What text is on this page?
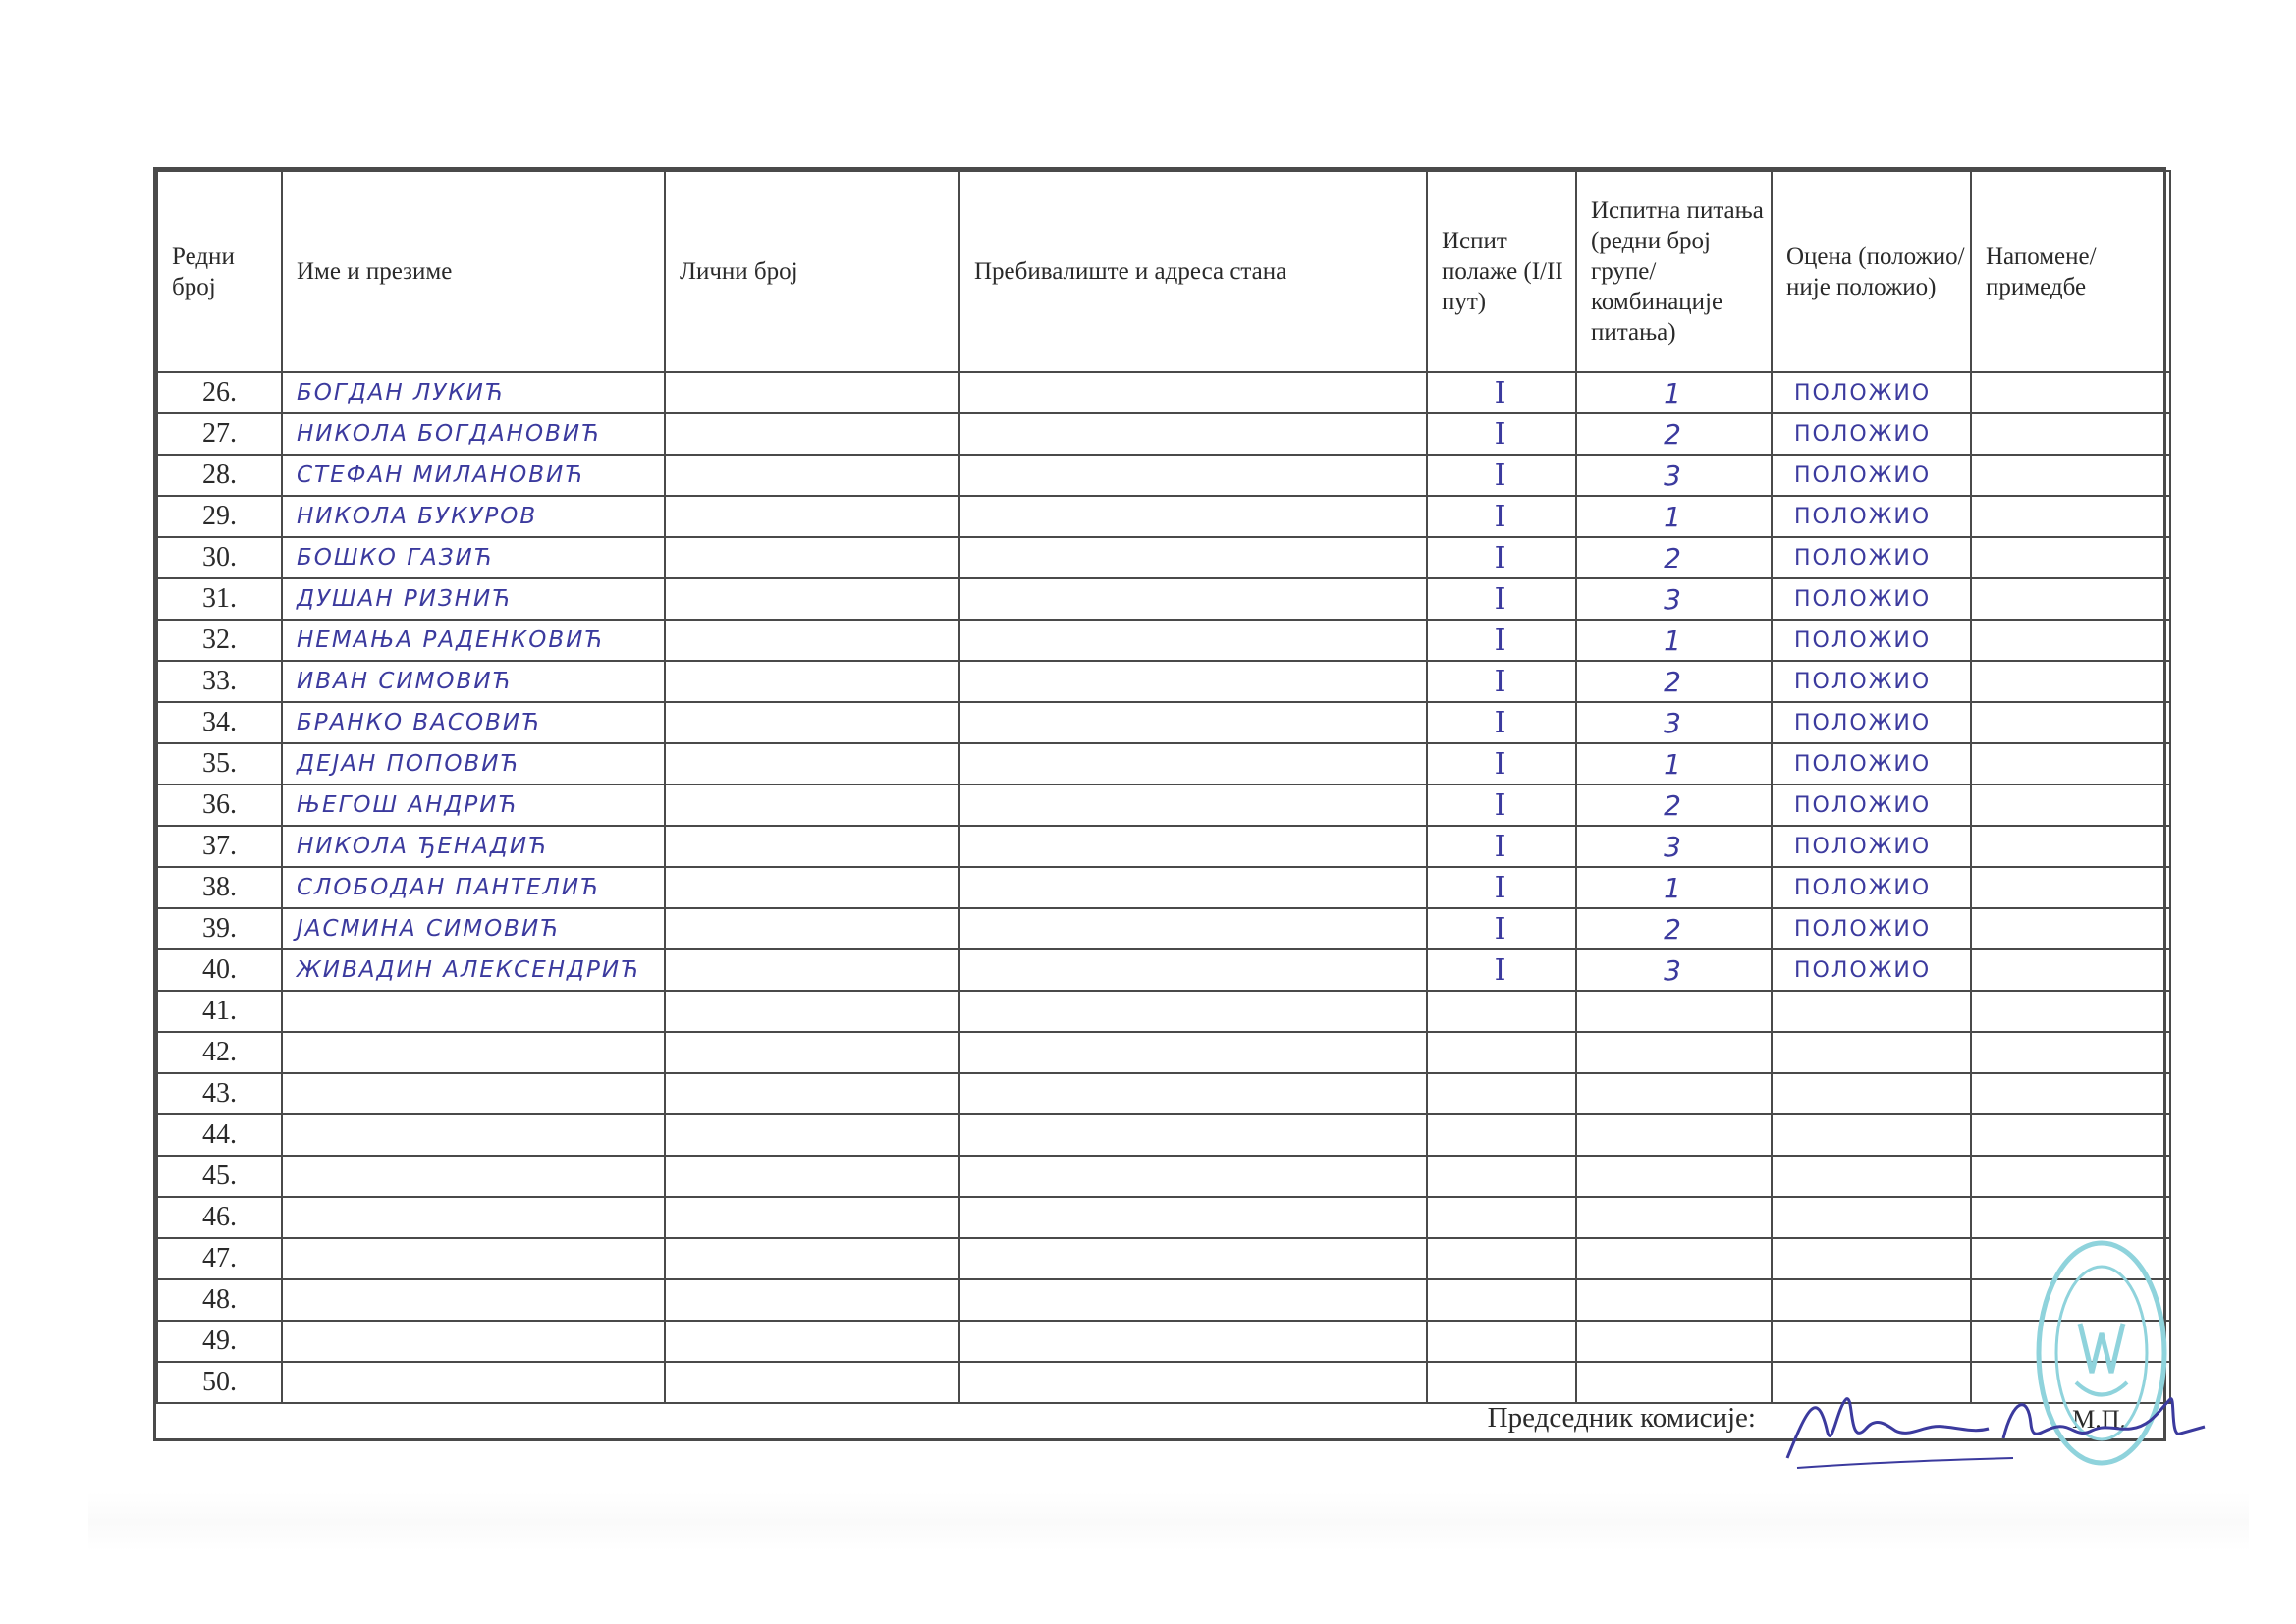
Редни број	Име и презиме	Лични број	Пребивалиште и адреса стана	Испит полаже (I/II пут)	Испитна питања (редни број групе/ комбинације питања)	Оцена (положио/ није положио)	Напомене/ примедбе
26.	БОГДАН ЛУКИЋ			I	1	ПОЛОЖИО	
27.	НИКОЛА БОГДАНОВИЋ			I	2	ПОЛОЖИО	
28.	СТЕФАН МИЛАНОВИЋ			I	3	ПОЛОЖИО	
29.	НИКОЛА БУКУРОВ			I	1	ПОЛОЖИО	
30.	БОШКО ГАЗИЋ			I	2	ПОЛОЖИО	
31.	ДУШАН РИЗНИЋ			I	3	ПОЛОЖИО	
32.	НЕМАЊА РАДЕНКОВИЋ			I	1	ПОЛОЖИО	
33.	ИВАН СИМОВИЋ			I	2	ПОЛОЖИО	
34.	БРАНКО ВАСОВИЋ			I	3	ПОЛОЖИО	
35.	ДЕЈАН ПОПОВИЋ			I	1	ПОЛОЖИО	
36.	ЊЕГОШ АНДРИЋ			I	2	ПОЛОЖИО	
37.	НИКОЛА ЂЕНАДИЋ			I	3	ПОЛОЖИО	
38.	СЛОБОДАН ПАНТЕЛИЋ			I	1	ПОЛОЖИО	
39.	ЈАСМИНА СИМОВИЋ			I	2	ПОЛОЖИО	
40.	ЖИВАДИН АЛЕКСЕНДРИЋ			I	3	ПОЛОЖИО	
41.							
42.							
43.							
44.							
45.							
46.							
47.							
48.							
49.							
50.							

Председник комисије:	М.П.
